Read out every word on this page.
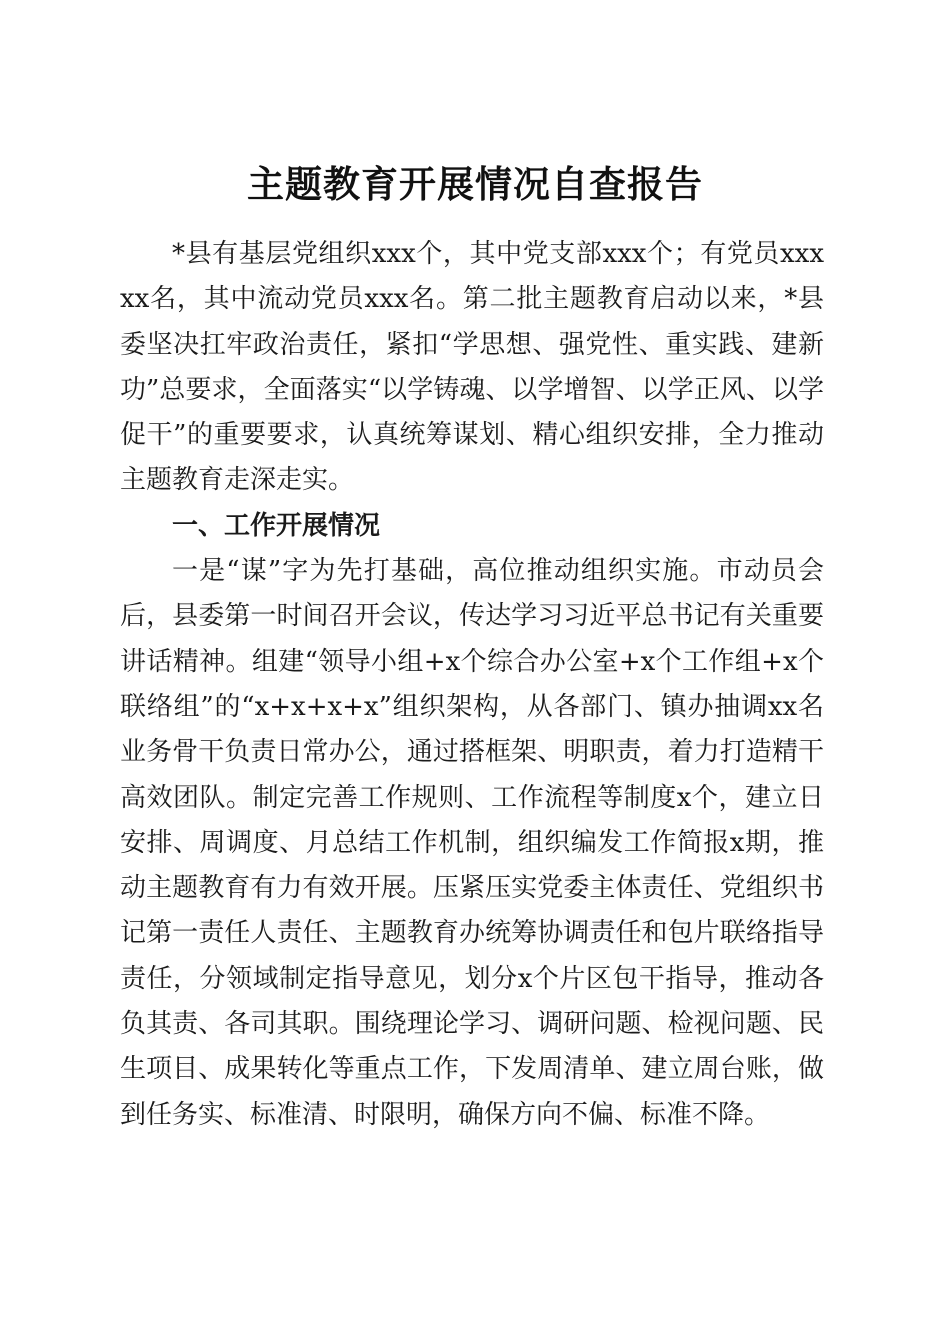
主题教育开展情况自查报告

*县有基层党组织xxx个，其中党支部xxx个；有党员xxxxx名，其中流动党员xxx名。第二批主题教育启动以来，*县委坚决扛牢政治责任，紧扣“学思想、强党性、重实践、建新功”总要求，全面落实“以学铸魂、以学增智、以学正风、以学促干”的重要要求，认真统筹谋划、精心组织安排，全力推动主题教育走深走实。

一、工作开展情况

一是“谋”字为先打基础，高位推动组织实施。市动员会后，县委第一时间召开会议，传达学习习近平总书记有关重要讲话精神。组建“领导小组+x个综合办公室+x个工作组+x个联络组”的“x+x+x+x”组织架构，从各部门、镇办抽调xx名业务骨干负责日常办公，通过搭框架、明职责，着力打造精干高效团队。制定完善工作规则、工作流程等制度x个，建立日安排、周调度、月总结工作机制，组织编发工作简报x期，推动主题教育有力有效开展。压紧压实党委主体责任、党组织书记第一责任人责任、主题教育办统筹协调责任和包片联络指导责任，分领域制定指导意见，划分x个片区包干指导，推动各负其责、各司其职。围绕理论学习、调研问题、检视问题、民生项目、成果转化等重点工作，下发周清单、建立周台账，做到任务实、标准清、时限明，确保方向不偏、标准不降。
